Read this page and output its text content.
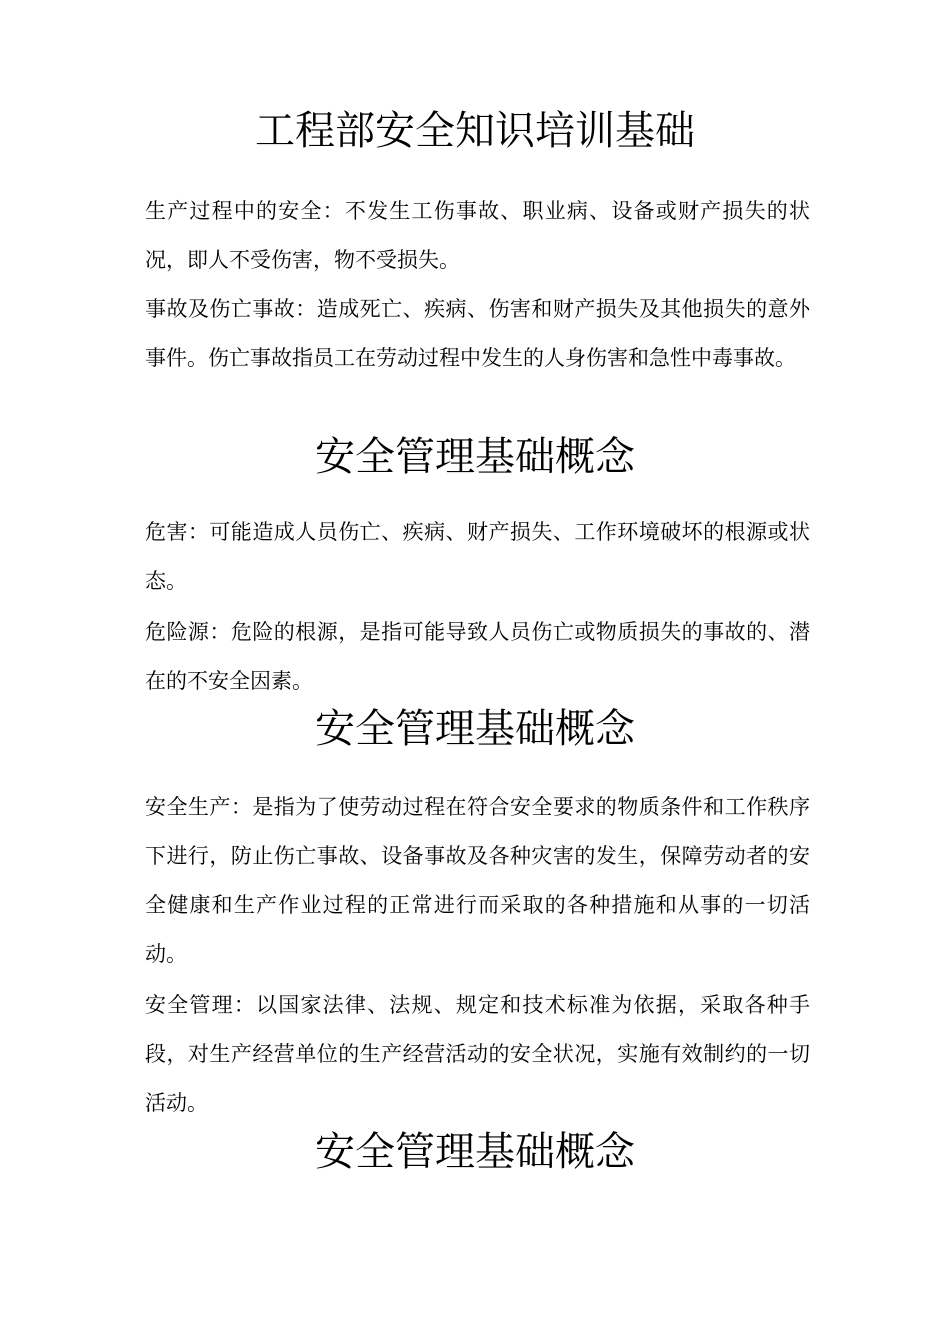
工程部安全知识培训基础

生产过程中的安全：不发生工伤事故、职业病、设备或财产损失的状况，即人不受伤害，物不受损失。

事故及伤亡事故：造成死亡、疾病、伤害和财产损失及其他损失的意外事件。伤亡事故指员工在劳动过程中发生的人身伤害和急性中毒事故。

安全管理基础概念

危害：可能造成人员伤亡、疾病、财产损失、工作环境破坏的根源或状态。

危险源：危险的根源，是指可能导致人员伤亡或物质损失的事故的、潜在的不安全因素。

安全管理基础概念

安全生产：是指为了使劳动过程在符合安全要求的物质条件和工作秩序下进行，防止伤亡事故、设备事故及各种灾害的发生，保障劳动者的安全健康和生产作业过程的正常进行而采取的各种措施和从事的一切活动。

安全管理：以国家法律、法规、规定和技术标准为依据，采取各种手段，对生产经营单位的生产经营活动的安全状况，实施有效制约的一切活动。

安全管理基础概念
